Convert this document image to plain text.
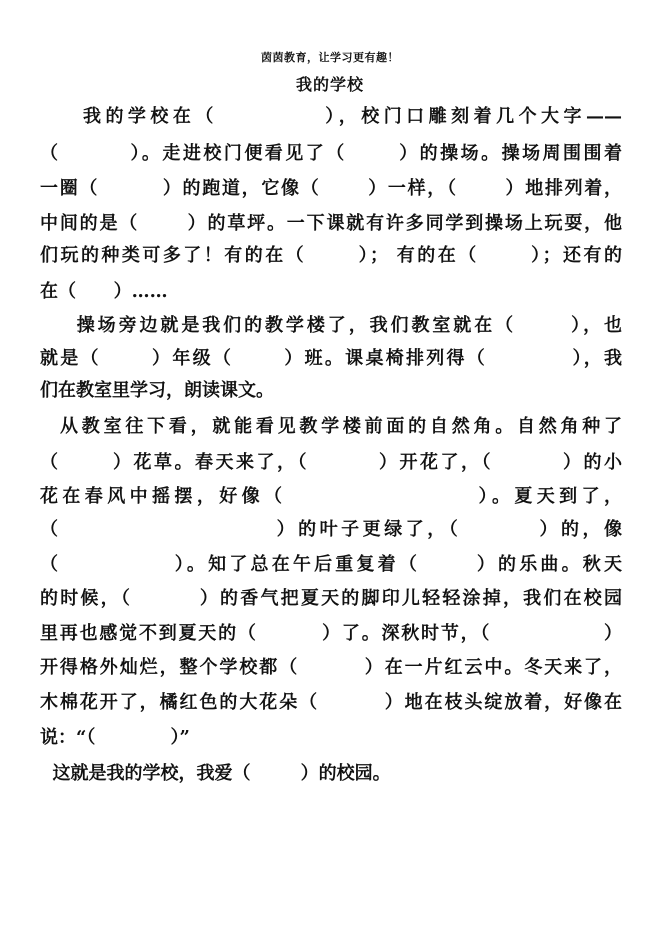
茵茵教育，让学习更有趣！
我的学校
我的学校在（          ），校门口雕刻着几个大字——
（        ）。走进校门便看见了（      ）的操场。操场周围围着
一圈（        ）的跑道，它像（      ）一样，（      ）地排列着，
中间的是（      ）的草坪。一下课就有许多同学到操场上玩耍，他
们玩的种类可多了！有的在（      ）； 有的在（      ）；还有的
在（      ）……
操场旁边就是我们的教学楼了，我们教室就在（      ），也
就是（      ）年级（      ）班。课桌椅排列得（          ），我
们在教室里学习，朗读课文。
从教室往下看，就能看见教学楼前面的自然角。自然角种了
（      ）花草。春天来了，（        ）开花了，（        ）的小
花在春风中摇摆，好像（                  ）。夏天到了，
（                      ）的叶子更绿了，（        ）的，像
（            ）。知了总在午后重复着（      ）的乐曲。秋天
的时候，（        ）的香气把夏天的脚印儿轻轻涂掉，我们在校园
里再也感觉不到夏天的（        ）了。深秋时节，（              ）
开得格外灿烂，整个学校都（        ）在一片红云中。冬天来了，
木棉花开了，橘红色的大花朵（        ）地在枝头绽放着，好像在
说：“（            ）”
这就是我的学校，我爱（        ）的校园。
